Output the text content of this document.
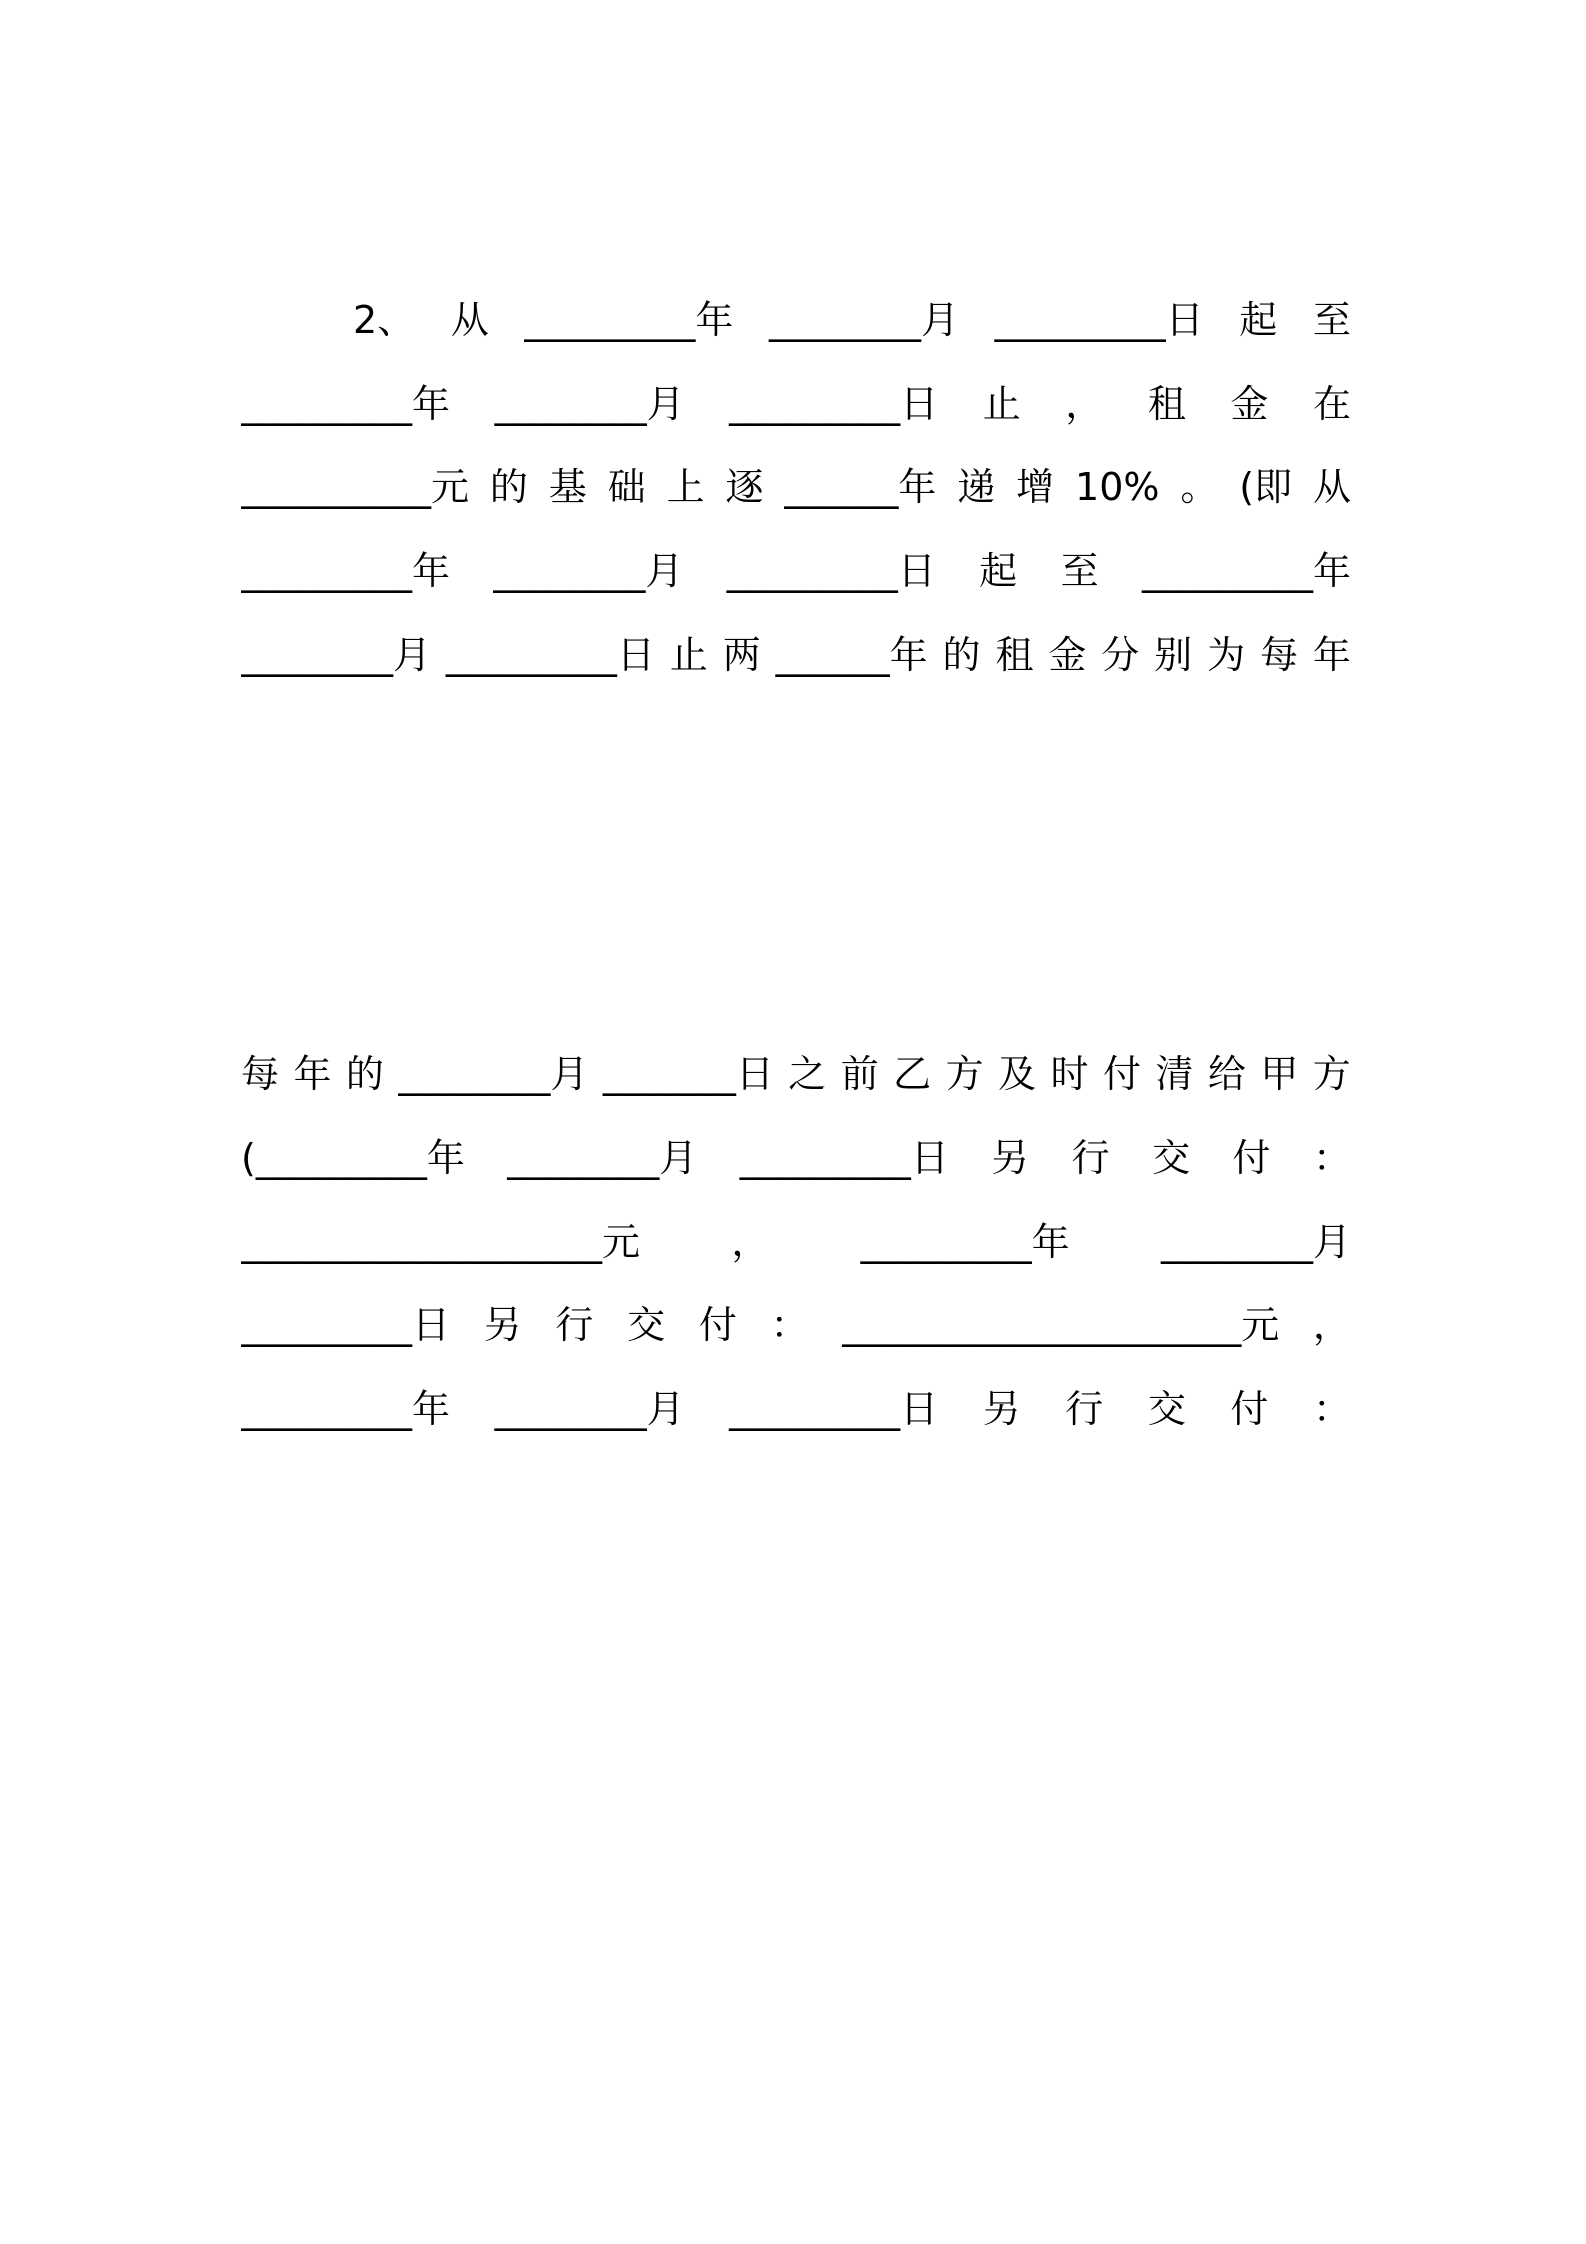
2、 从 _________年 ________月 _________日 起 至
_________年 ________月 _________日 止 ， 租 金 在
__________元 的 基 础 上 逐 ______年 递 增 10% 。 (即 从
_________年 ________月 _________日 起 至 _________年
________月 _________日 止 两 ______年 的 租 金 分 别 为 每 年

每 年 的 ________月 _______日 之 前 乙 方 及 时 付 清 给 甲 方
(_________年 ________月 _________日 另 行 交 付 ：
___________________元 ， _________年 ________月
_________日 另 行 交 付 ： _____________________元 ，
_________年 ________月 _________日 另 行 交 付 ：
